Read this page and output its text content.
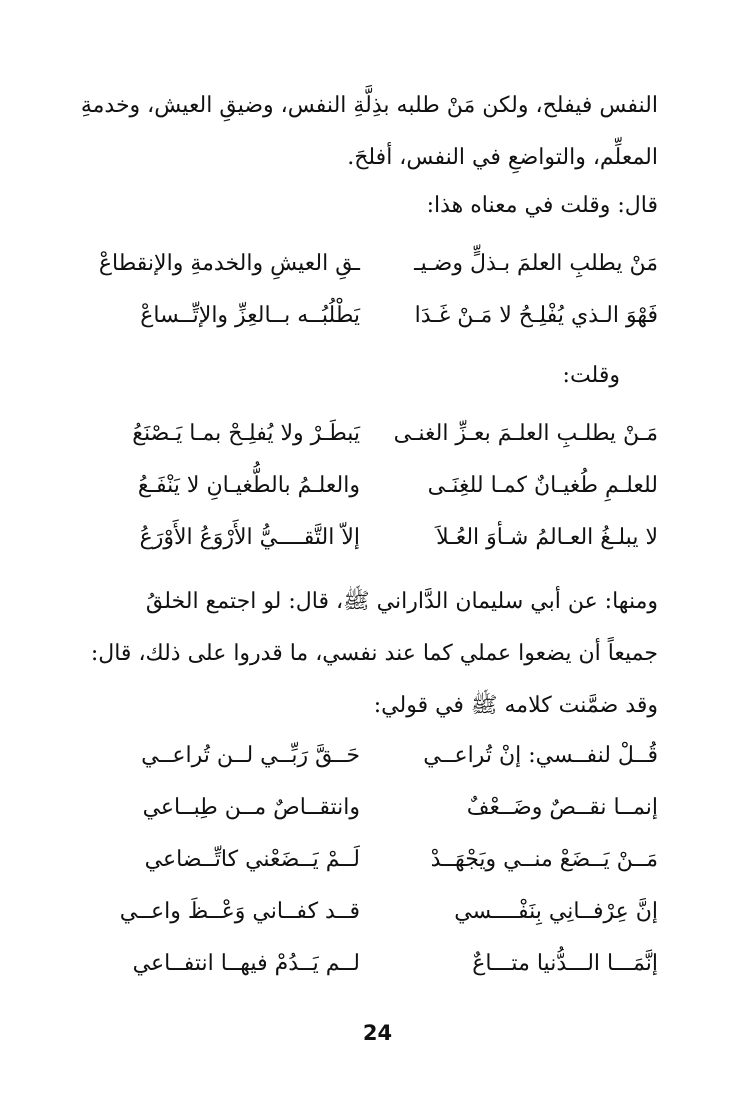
النفس فيفلح، ولكن مَنْ طلبه بذِلَّةِ النفس، وضيقِ العيش، وخدمةِ
المعلِّم، والتواضعِ في النفس، أفلحَ.
قال: وقلت في معناه هذا:
مَنْ يطلبِ العلمَ بـذلٍّ وضـيـ
ـقِ العيشِ والخدمةِ والإنقطاعْ
فَهْوَ الـذي يُفْلِـحُ لا مَـنْ غَـدَا
يَطْلُبُــه بــالعِزِّ والإتِّــساعْ
وقلت:
مَـنْ يطلـبِ العلـمَ بعـزِّ الغنـى
يَبطَـرْ ولا يُفلِـحْ بمـا يَـصْنَعُ
للعلـمِ طُغيـانٌ كمـا للغِنَـى
والعلـمُ بالطُّغيـانِ لا يَنْفَـعُ
لا يبلـغُ العـالمُ شـأوَ العُـلاَ
إلاّ التَّقــــيُّ الأَرْوَعُ الأَوْرَعُ
ومنها: عن أبي سليمان الدَّاراني ﷺ، قال: لو اجتمع الخلقُ
جميعاً أن يضعوا عملي كما عند نفسي، ما قدروا على ذلك، قال:
وقد ضمَّنت كلامه ﷺ في قولي:
قُــلْ لنفــسي: إنْ تُراعــي
حَــقَّ رَبِّــي لــن تُراعــي
إنمــا نقــصٌ وضَــعْفٌ
وانتقــاصٌ مــن طِبــاعي
مَــنْ يَــضَعْ منــي ويَجْهَــدْ
لَــمْ يَــضَعْني كاتِّــضاعي
إنَّ عِرْفــانِي بِنَفْــــسي
قــد كفــاني وَعْــظَ واعــي
إنَّمَـــا الـــدُّنيا متـــاعٌ
لــم يَــدُمْ فيهــا انتفــاعي
24
